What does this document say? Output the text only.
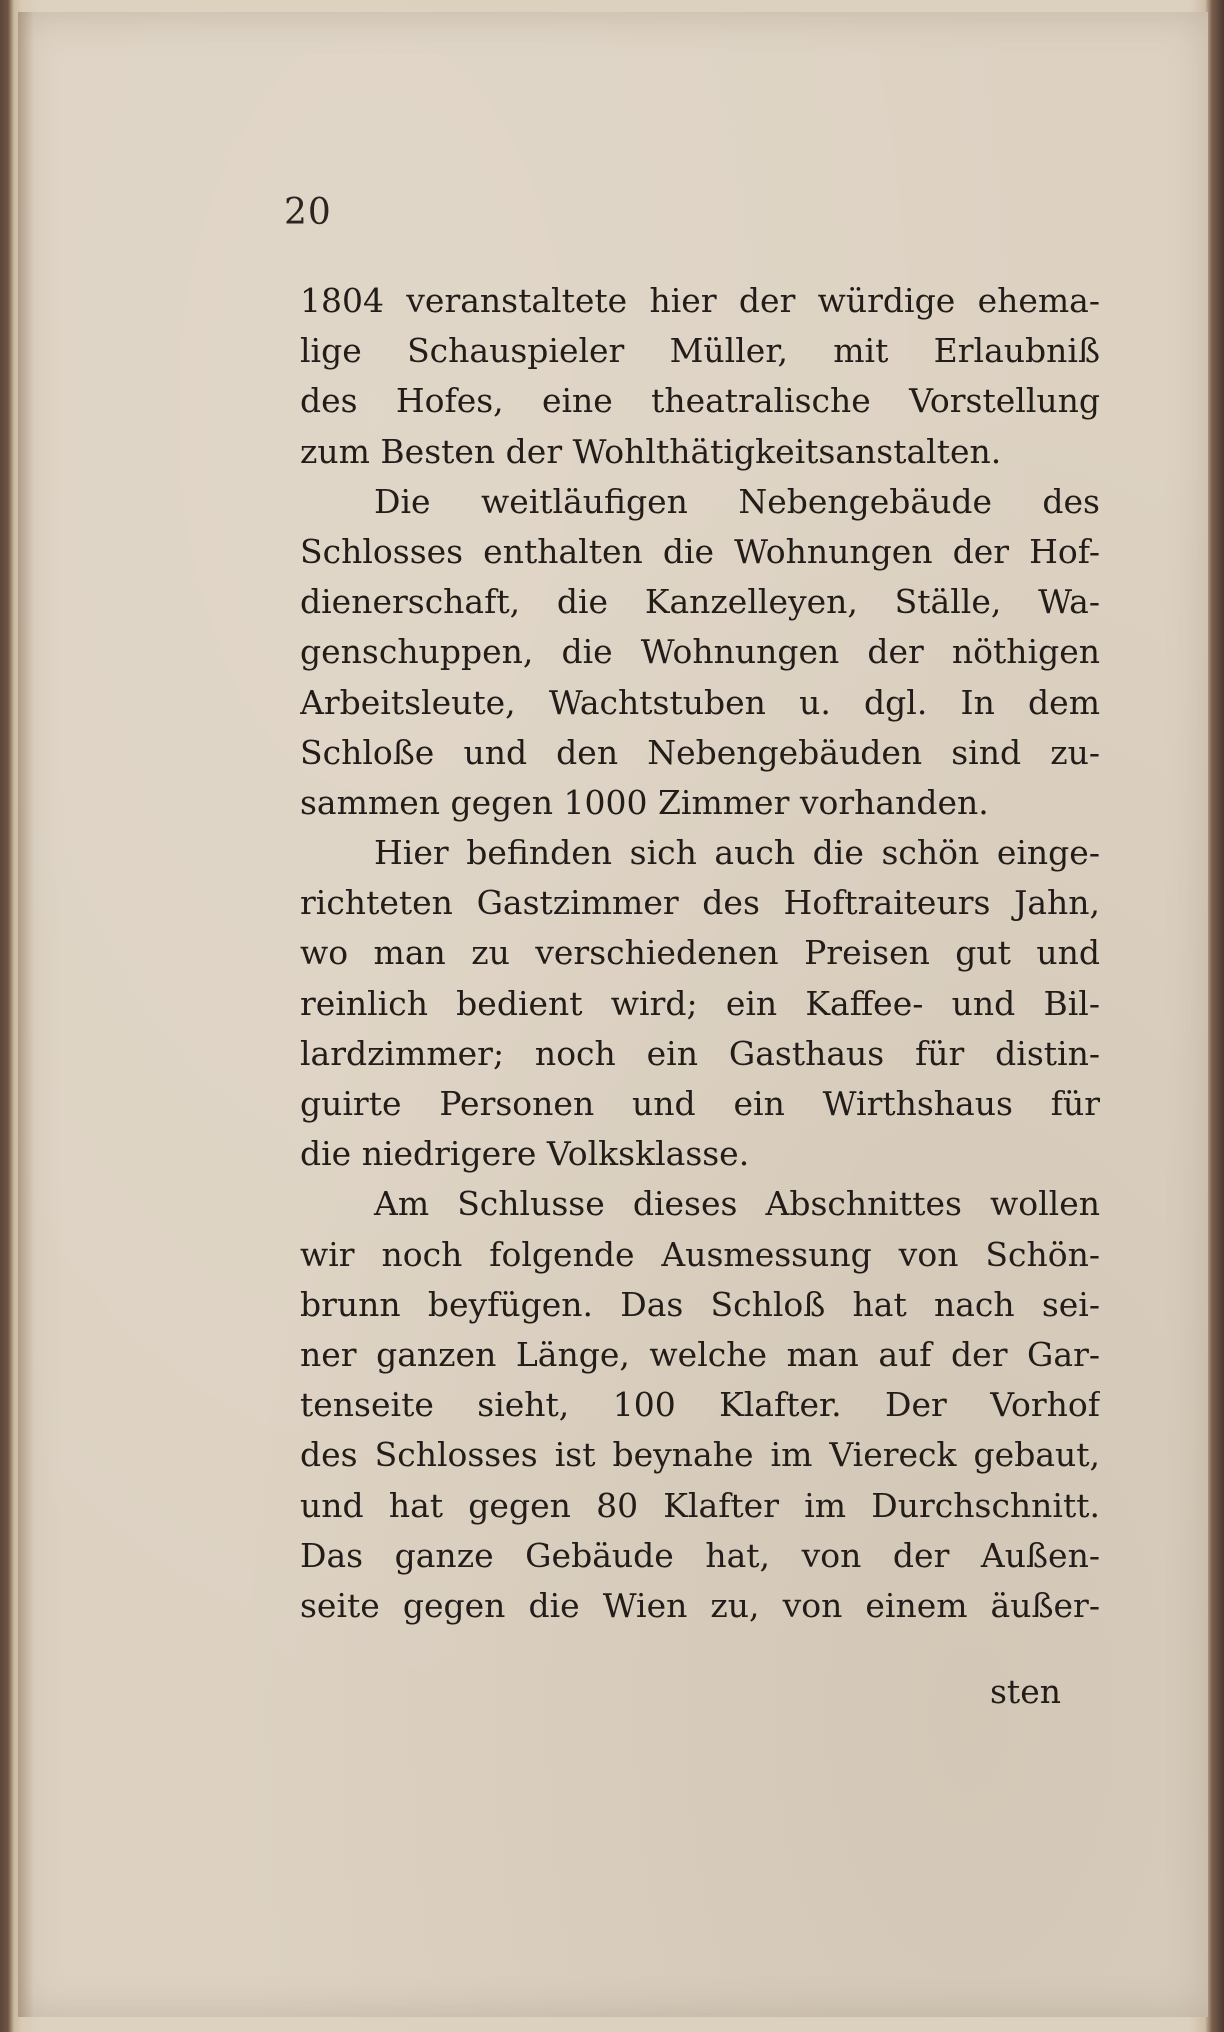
20
1804 veranstaltete hier der würdige ehema-
lige Schauspieler Müller, mit Erlaubniß
des Hofes, eine theatralische Vorstellung
zum Besten der Wohlthätigkeitsanstalten.
Die weitläufigen Nebengebäude des
Schlosses enthalten die Wohnungen der Hof-
dienerschaft, die Kanzelleyen, Ställe, Wa-
genschuppen, die Wohnungen der nöthigen
Arbeitsleute, Wachtstuben u. dgl. In dem
Schloße und den Nebengebäuden sind zu-
sammen gegen 1000 Zimmer vorhanden.
Hier befinden sich auch die schön einge-
richteten Gastzimmer des Hoftraiteurs Jahn,
wo man zu verschiedenen Preisen gut und
reinlich bedient wird; ein Kaffee- und Bil-
lardzimmer; noch ein Gasthaus für distin-
guirte Personen und ein Wirthshaus für
die niedrigere Volksklasse.
Am Schlusse dieses Abschnittes wollen
wir noch folgende Ausmessung von Schön-
brunn beyfügen. Das Schloß hat nach sei-
ner ganzen Länge, welche man auf der Gar-
tenseite sieht, 100 Klafter. Der Vorhof
des Schlosses ist beynahe im Viereck gebaut,
und hat gegen 80 Klafter im Durchschnitt.
Das ganze Gebäude hat, von der Außen-
seite gegen die Wien zu, von einem äußer-
sten
